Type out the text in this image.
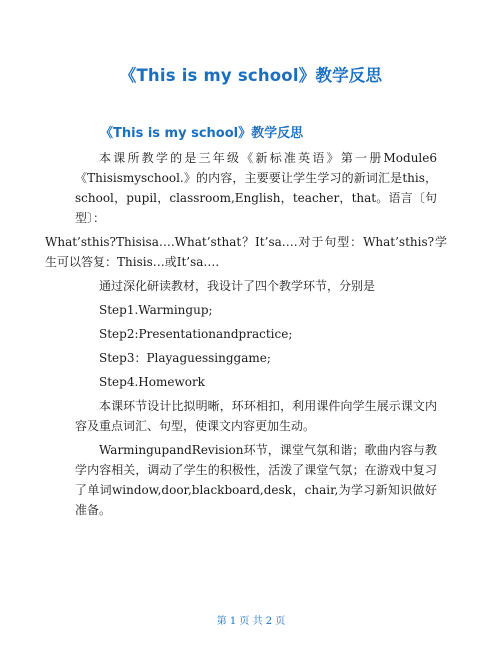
《This is my school》教学反思
《This is my school》教学反思

本课所教学的是三年级《新标准英语》第一册Module6《Thisismyschool.》的内容，主要要让学生学习的新词汇是this，school，pupil，classroom,English，teacher，that。语言〔句型〕：

What’sthis?Thisisa….What’sthat？It’sa….对于句型：What’sthis?学生可以答复：Thisis…或It’sa….

通过深化研读教材，我设计了四个教学环节，分别是

Step1.Warmingup;

Step2:Presentationandpractice;

Step3：Playaguessinggame;

Step4.Homework

本课环节设计比拟明晰，环环相扣，利用课件向学生展示课文内容及重点词汇、句型，使课文内容更加生动。

WarmingupandRevision环节，课堂气氛和谐；歌曲内容与教学内容相关，调动了学生的积极性，活泼了课堂气氛；在游戏中复习了单词window,door,blackboard,desk，chair,为学习新知识做好准备。

第 1 页 共 2 页
